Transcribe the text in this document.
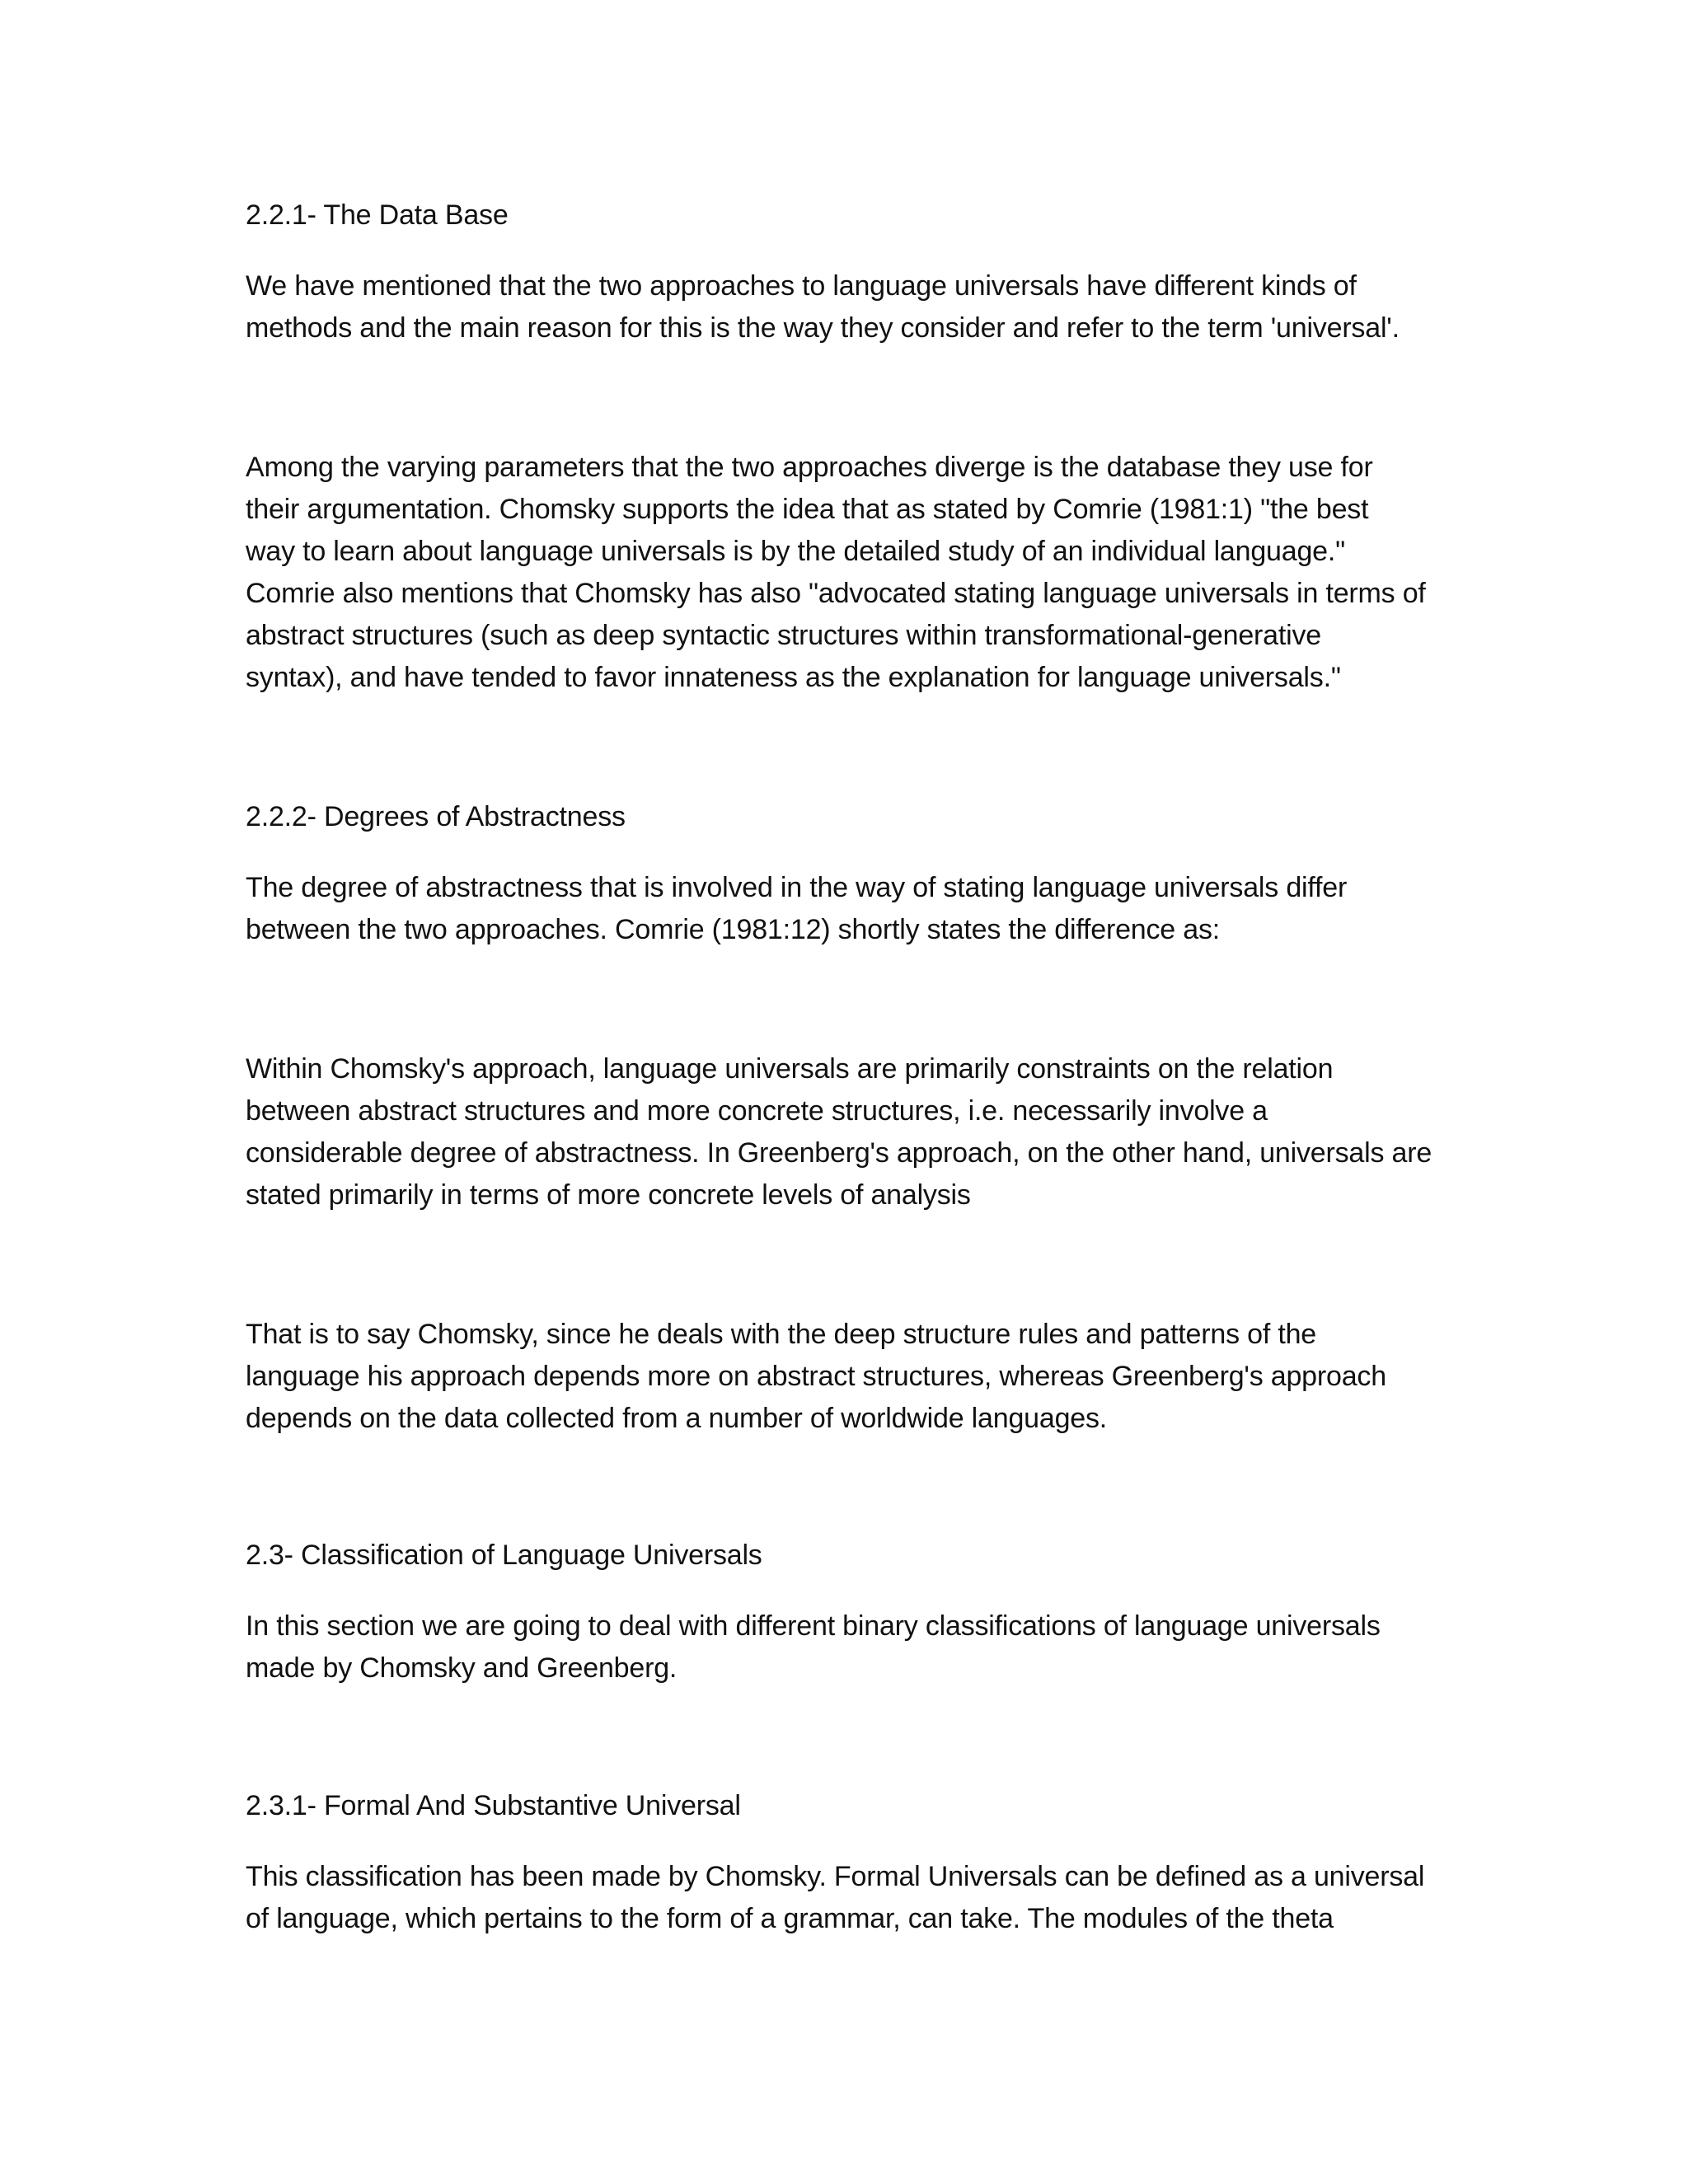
2.2.1- The Data Base

We have mentioned that the two approaches to language universals have different kinds of
methods and the main reason for this is the way they consider and refer to the term 'universal'.

Among the varying parameters that the two approaches diverge is the database they use for
their argumentation. Chomsky supports the idea that as stated by Comrie (1981:1) "the best
way to learn about language universals is by the detailed study of an individual language."
Comrie also mentions that Chomsky has also "advocated stating language universals in terms of
abstract structures (such as deep syntactic structures within transformational-generative
syntax), and have tended to favor innateness as the explanation for language universals."

2.2.2- Degrees of Abstractness

The degree of abstractness that is involved in the way of stating language universals differ
between the two approaches. Comrie (1981:12) shortly states the difference as:

Within Chomsky's approach, language universals are primarily constraints on the relation
between abstract structures and more concrete structures, i.e. necessarily involve a
considerable degree of abstractness. In Greenberg's approach, on the other hand, universals are
stated primarily in terms of more concrete levels of analysis

That is to say Chomsky, since he deals with the deep structure rules and patterns of the
language his approach depends more on abstract structures, whereas Greenberg's approach
depends on the data collected from a number of worldwide languages.

2.3- Classification of Language Universals

In this section we are going to deal with different binary classifications of language universals
made by Chomsky and Greenberg.

2.3.1- Formal And Substantive Universal

This classification has been made by Chomsky. Formal Universals can be defined as a universal
of language, which pertains to the form of a grammar, can take. The modules of the theta
